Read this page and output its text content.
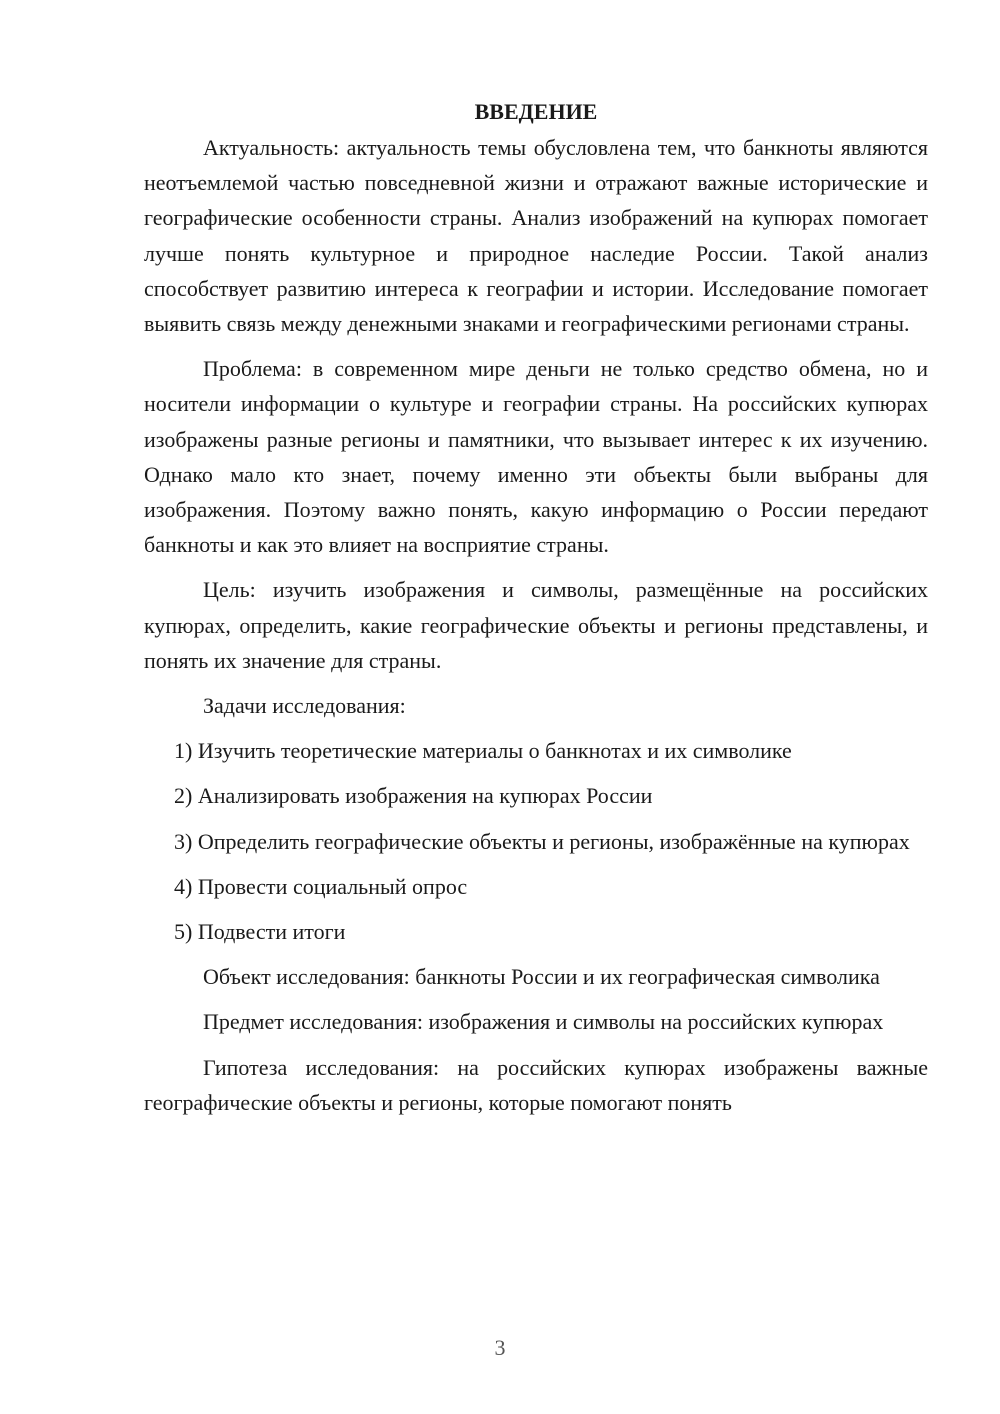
ВВЕДЕНИЕ

Актуальность: актуальность темы обусловлена тем, что банкноты являются неотъемлемой частью повседневной жизни и отражают важные исторические и географические особенности страны. Анализ изображений на купюрах помогает лучше понять культурное и природное наследие России. Такой анализ способствует развитию интереса к географии и истории. Исследование помогает выявить связь между денежными знаками и географическими регионами страны.

Проблема: в современном мире деньги не только средство обмена, но и носители информации о культуре и географии страны. На российских купюрах изображены разные регионы и памятники, что вызывает интерес к их изучению. Однако мало кто знает, почему именно эти объекты были выбраны для изображения. Поэтому важно понять, какую информацию о России передают банкноты и как это влияет на восприятие страны.

Цель: изучить изображения и символы, размещённые на российских купюрах, определить, какие географические объекты и регионы представлены, и понять их значение для страны.

Задачи исследования:

1) Изучить теоретические материалы о банкнотах и их символике

2) Анализировать изображения на купюрах России

3) Определить географические объекты и регионы, изображённые на купюрах

4) Провести социальный опрос

5) Подвести итоги

Объект исследования: банкноты России и их географическая символика

Предмет исследования: изображения и символы на российских купюрах

Гипотеза исследования: на российских купюрах изображены важные географические объекты и регионы, которые помогают понять

3
